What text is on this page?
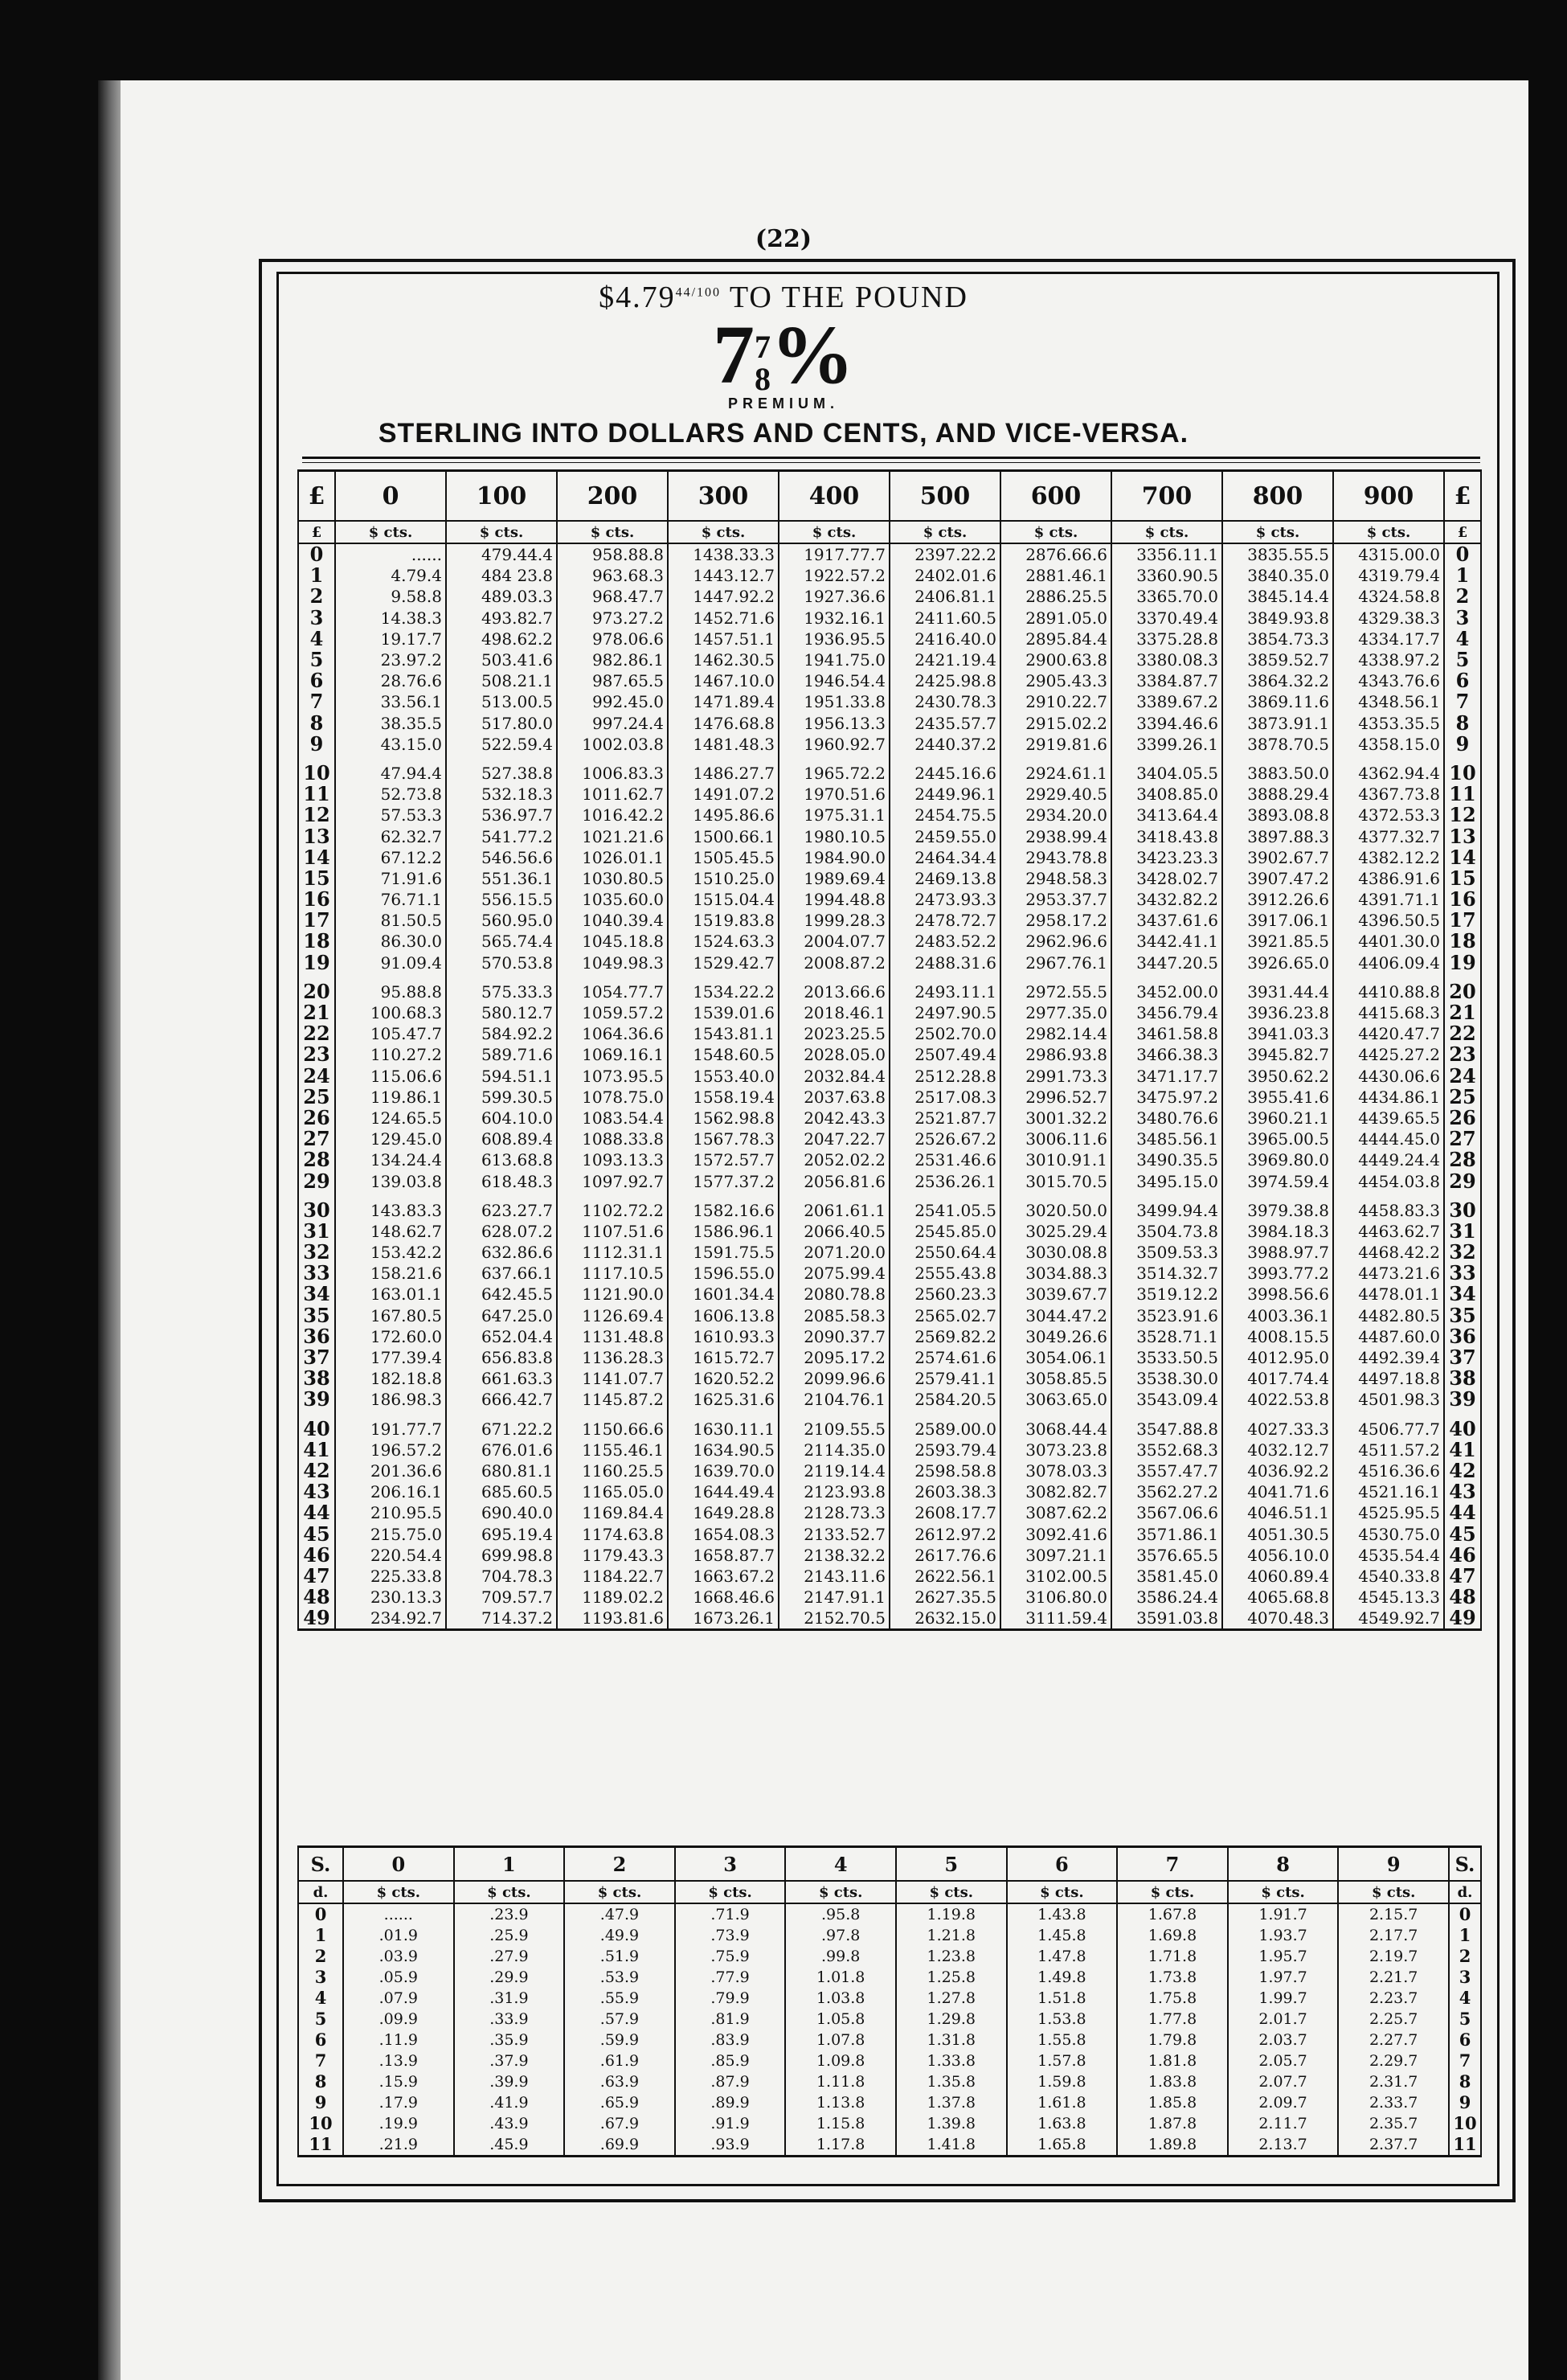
(22)
$\$4.79^{44/100}$ TO THE POUND
77
8%
PREMIUM.
STERLING INTO DOLLARS AND CENTS, AND VICE-VERSA.
£	0	100	200	300	400	500	600	700	800	900	£
£	$ cts.	$ cts.	$ cts.	$ cts.	$ cts.	$ cts.	$ cts.	$ cts.	$ cts.	$ cts.	£
0	......	479.44.4	958.88.8	1438.33.3	1917.77.7	2397.22.2	2876.66.6	3356.11.1	3835.55.5	4315.00.0	0
1	4.79.4	484 23.8	963.68.3	1443.12.7	1922.57.2	2402.01.6	2881.46.1	3360.90.5	3840.35.0	4319.79.4	1
2	9.58.8	489.03.3	968.47.7	1447.92.2	1927.36.6	2406.81.1	2886.25.5	3365.70.0	3845.14.4	4324.58.8	2
3	14.38.3	493.82.7	973.27.2	1452.71.6	1932.16.1	2411.60.5	2891.05.0	3370.49.4	3849.93.8	4329.38.3	3
4	19.17.7	498.62.2	978.06.6	1457.51.1	1936.95.5	2416.40.0	2895.84.4	3375.28.8	3854.73.3	4334.17.7	4
5	23.97.2	503.41.6	982.86.1	1462.30.5	1941.75.0	2421.19.4	2900.63.8	3380.08.3	3859.52.7	4338.97.2	5
6	28.76.6	508.21.1	987.65.5	1467.10.0	1946.54.4	2425.98.8	2905.43.3	3384.87.7	3864.32.2	4343.76.6	6
7	33.56.1	513.00.5	992.45.0	1471.89.4	1951.33.8	2430.78.3	2910.22.7	3389.67.2	3869.11.6	4348.56.1	7
8	38.35.5	517.80.0	997.24.4	1476.68.8	1956.13.3	2435.57.7	2915.02.2	3394.46.6	3873.91.1	4353.35.5	8
9	43.15.0	522.59.4	1002.03.8	1481.48.3	1960.92.7	2440.37.2	2919.81.6	3399.26.1	3878.70.5	4358.15.0	9
10	47.94.4	527.38.8	1006.83.3	1486.27.7	1965.72.2	2445.16.6	2924.61.1	3404.05.5	3883.50.0	4362.94.4	10
11	52.73.8	532.18.3	1011.62.7	1491.07.2	1970.51.6	2449.96.1	2929.40.5	3408.85.0	3888.29.4	4367.73.8	11
12	57.53.3	536.97.7	1016.42.2	1495.86.6	1975.31.1	2454.75.5	2934.20.0	3413.64.4	3893.08.8	4372.53.3	12
13	62.32.7	541.77.2	1021.21.6	1500.66.1	1980.10.5	2459.55.0	2938.99.4	3418.43.8	3897.88.3	4377.32.7	13
14	67.12.2	546.56.6	1026.01.1	1505.45.5	1984.90.0	2464.34.4	2943.78.8	3423.23.3	3902.67.7	4382.12.2	14
15	71.91.6	551.36.1	1030.80.5	1510.25.0	1989.69.4	2469.13.8	2948.58.3	3428.02.7	3907.47.2	4386.91.6	15
16	76.71.1	556.15.5	1035.60.0	1515.04.4	1994.48.8	2473.93.3	2953.37.7	3432.82.2	3912.26.6	4391.71.1	16
17	81.50.5	560.95.0	1040.39.4	1519.83.8	1999.28.3	2478.72.7	2958.17.2	3437.61.6	3917.06.1	4396.50.5	17
18	86.30.0	565.74.4	1045.18.8	1524.63.3	2004.07.7	2483.52.2	2962.96.6	3442.41.1	3921.85.5	4401.30.0	18
19	91.09.4	570.53.8	1049.98.3	1529.42.7	2008.87.2	2488.31.6	2967.76.1	3447.20.5	3926.65.0	4406.09.4	19
20	95.88.8	575.33.3	1054.77.7	1534.22.2	2013.66.6	2493.11.1	2972.55.5	3452.00.0	3931.44.4	4410.88.8	20
21	100.68.3	580.12.7	1059.57.2	1539.01.6	2018.46.1	2497.90.5	2977.35.0	3456.79.4	3936.23.8	4415.68.3	21
22	105.47.7	584.92.2	1064.36.6	1543.81.1	2023.25.5	2502.70.0	2982.14.4	3461.58.8	3941.03.3	4420.47.7	22
23	110.27.2	589.71.6	1069.16.1	1548.60.5	2028.05.0	2507.49.4	2986.93.8	3466.38.3	3945.82.7	4425.27.2	23
24	115.06.6	594.51.1	1073.95.5	1553.40.0	2032.84.4	2512.28.8	2991.73.3	3471.17.7	3950.62.2	4430.06.6	24
25	119.86.1	599.30.5	1078.75.0	1558.19.4	2037.63.8	2517.08.3	2996.52.7	3475.97.2	3955.41.6	4434.86.1	25
26	124.65.5	604.10.0	1083.54.4	1562.98.8	2042.43.3	2521.87.7	3001.32.2	3480.76.6	3960.21.1	4439.65.5	26
27	129.45.0	608.89.4	1088.33.8	1567.78.3	2047.22.7	2526.67.2	3006.11.6	3485.56.1	3965.00.5	4444.45.0	27
28	134.24.4	613.68.8	1093.13.3	1572.57.7	2052.02.2	2531.46.6	3010.91.1	3490.35.5	3969.80.0	4449.24.4	28
29	139.03.8	618.48.3	1097.92.7	1577.37.2	2056.81.6	2536.26.1	3015.70.5	3495.15.0	3974.59.4	4454.03.8	29
30	143.83.3	623.27.7	1102.72.2	1582.16.6	2061.61.1	2541.05.5	3020.50.0	3499.94.4	3979.38.8	4458.83.3	30
31	148.62.7	628.07.2	1107.51.6	1586.96.1	2066.40.5	2545.85.0	3025.29.4	3504.73.8	3984.18.3	4463.62.7	31
32	153.42.2	632.86.6	1112.31.1	1591.75.5	2071.20.0	2550.64.4	3030.08.8	3509.53.3	3988.97.7	4468.42.2	32
33	158.21.6	637.66.1	1117.10.5	1596.55.0	2075.99.4	2555.43.8	3034.88.3	3514.32.7	3993.77.2	4473.21.6	33
34	163.01.1	642.45.5	1121.90.0	1601.34.4	2080.78.8	2560.23.3	3039.67.7	3519.12.2	3998.56.6	4478.01.1	34
35	167.80.5	647.25.0	1126.69.4	1606.13.8	2085.58.3	2565.02.7	3044.47.2	3523.91.6	4003.36.1	4482.80.5	35
36	172.60.0	652.04.4	1131.48.8	1610.93.3	2090.37.7	2569.82.2	3049.26.6	3528.71.1	4008.15.5	4487.60.0	36
37	177.39.4	656.83.8	1136.28.3	1615.72.7	2095.17.2	2574.61.6	3054.06.1	3533.50.5	4012.95.0	4492.39.4	37
38	182.18.8	661.63.3	1141.07.7	1620.52.2	2099.96.6	2579.41.1	3058.85.5	3538.30.0	4017.74.4	4497.18.8	38
39	186.98.3	666.42.7	1145.87.2	1625.31.6	2104.76.1	2584.20.5	3063.65.0	3543.09.4	4022.53.8	4501.98.3	39
40	191.77.7	671.22.2	1150.66.6	1630.11.1	2109.55.5	2589.00.0	3068.44.4	3547.88.8	4027.33.3	4506.77.7	40
41	196.57.2	676.01.6	1155.46.1	1634.90.5	2114.35.0	2593.79.4	3073.23.8	3552.68.3	4032.12.7	4511.57.2	41
42	201.36.6	680.81.1	1160.25.5	1639.70.0	2119.14.4	2598.58.8	3078.03.3	3557.47.7	4036.92.2	4516.36.6	42
43	206.16.1	685.60.5	1165.05.0	1644.49.4	2123.93.8	2603.38.3	3082.82.7	3562.27.2	4041.71.6	4521.16.1	43
44	210.95.5	690.40.0	1169.84.4	1649.28.8	2128.73.3	2608.17.7	3087.62.2	3567.06.6	4046.51.1	4525.95.5	44
45	215.75.0	695.19.4	1174.63.8	1654.08.3	2133.52.7	2612.97.2	3092.41.6	3571.86.1	4051.30.5	4530.75.0	45
46	220.54.4	699.98.8	1179.43.3	1658.87.7	2138.32.2	2617.76.6	3097.21.1	3576.65.5	4056.10.0	4535.54.4	46
47	225.33.8	704.78.3	1184.22.7	1663.67.2	2143.11.6	2622.56.1	3102.00.5	3581.45.0	4060.89.4	4540.33.8	47
48	230.13.3	709.57.7	1189.02.2	1668.46.6	2147.91.1	2627.35.5	3106.80.0	3586.24.4	4065.68.8	4545.13.3	48
49	234.92.7	714.37.2	1193.81.6	1673.26.1	2152.70.5	2632.15.0	3111.59.4	3591.03.8	4070.48.3	4549.92.7	49
S.	0	1	2	3	4	5	6	7	8	9	S.
d.	$ cts.	$ cts.	$ cts.	$ cts.	$ cts.	$ cts.	$ cts.	$ cts.	$ cts.	$ cts.	d.
0	......	.23.9	.47.9	.71.9	.95.8	1.19.8	1.43.8	1.67.8	1.91.7	2.15.7	0
1	.01.9	.25.9	.49.9	.73.9	.97.8	1.21.8	1.45.8	1.69.8	1.93.7	2.17.7	1
2	.03.9	.27.9	.51.9	.75.9	.99.8	1.23.8	1.47.8	1.71.8	1.95.7	2.19.7	2
3	.05.9	.29.9	.53.9	.77.9	1.01.8	1.25.8	1.49.8	1.73.8	1.97.7	2.21.7	3
4	.07.9	.31.9	.55.9	.79.9	1.03.8	1.27.8	1.51.8	1.75.8	1.99.7	2.23.7	4
5	.09.9	.33.9	.57.9	.81.9	1.05.8	1.29.8	1.53.8	1.77.8	2.01.7	2.25.7	5
6	.11.9	.35.9	.59.9	.83.9	1.07.8	1.31.8	1.55.8	1.79.8	2.03.7	2.27.7	6
7	.13.9	.37.9	.61.9	.85.9	1.09.8	1.33.8	1.57.8	1.81.8	2.05.7	2.29.7	7
8	.15.9	.39.9	.63.9	.87.9	1.11.8	1.35.8	1.59.8	1.83.8	2.07.7	2.31.7	8
9	.17.9	.41.9	.65.9	.89.9	1.13.8	1.37.8	1.61.8	1.85.8	2.09.7	2.33.7	9
10	.19.9	.43.9	.67.9	.91.9	1.15.8	1.39.8	1.63.8	1.87.8	2.11.7	2.35.7	10
11	.21.9	.45.9	.69.9	.93.9	1.17.8	1.41.8	1.65.8	1.89.8	2.13.7	2.37.7	11
